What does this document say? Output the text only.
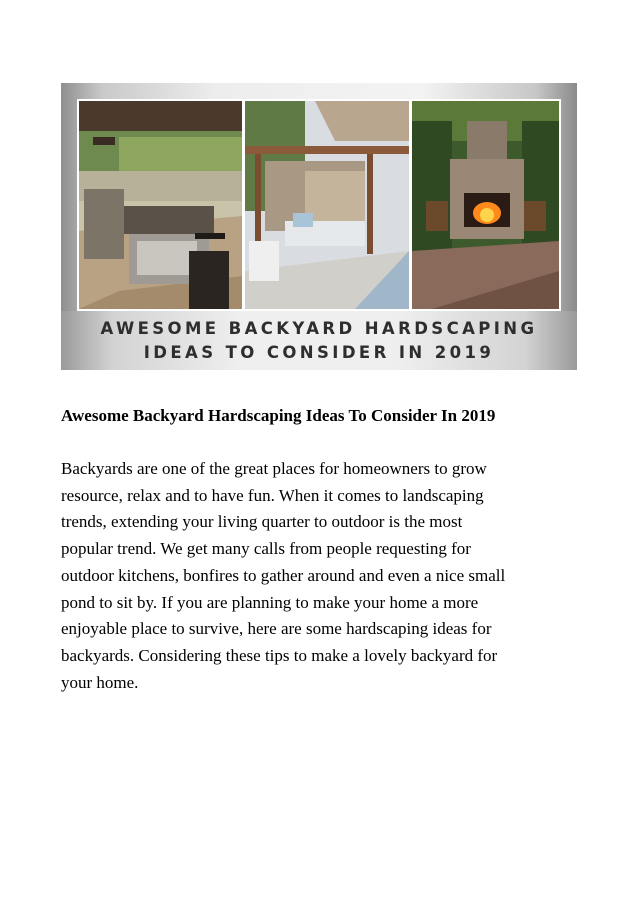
AWESOME BACKYARD HARDSCAPING
IDEAS TO CONSIDER IN 2019
Awesome Backyard Hardscaping Ideas To Consider In 2019

Backyards are one of the great places for homeowners to grow
resource, relax and to have fun. When it comes to landscaping
trends, extending your living quarter to outdoor is the most
popular trend. We get many calls from people requesting for
outdoor kitchens, bonfires to gather around and even a nice small
pond to sit by. If you are planning to make your home a more
enjoyable place to survive, here are some hardscaping ideas for
backyards. Considering these tips to make a lovely backyard for
your home.
